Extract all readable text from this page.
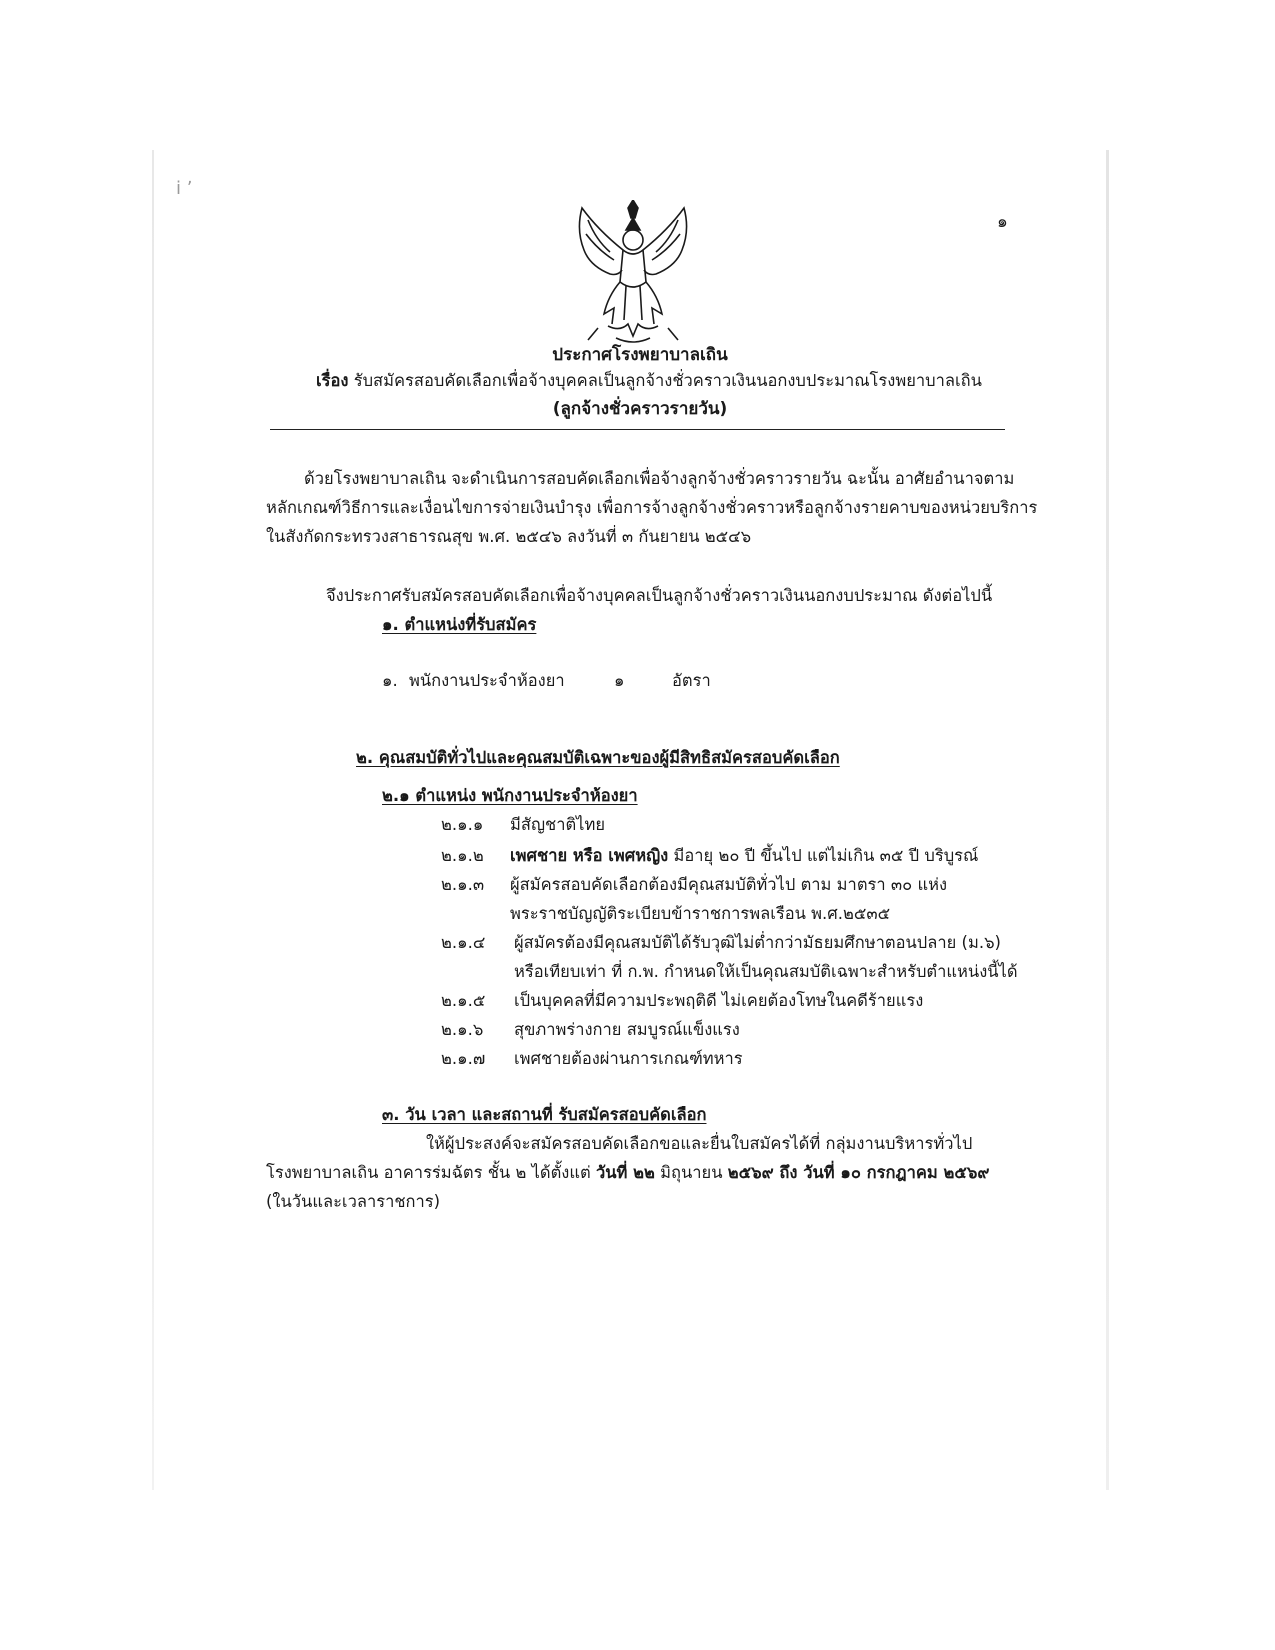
ⅰ ʼ
๑
ประกาศโรงพยาบาลเถิน
เรื่อง รับสมัครสอบคัดเลือกเพื่อจ้างบุคคลเป็นลูกจ้างชั่วคราวเงินนอกงบประมาณโรงพยาบาลเถิน
(ลูกจ้างชั่วคราวรายวัน)
ด้วยโรงพยาบาลเถิน จะดำเนินการสอบคัดเลือกเพื่อจ้างลูกจ้างชั่วคราวรายวัน ฉะนั้น อาศัยอำนาจตาม
หลักเกณฑ์วิธีการและเงื่อนไขการจ่ายเงินบำรุง เพื่อการจ้างลูกจ้างชั่วคราวหรือลูกจ้างรายคาบของหน่วยบริการ
ในสังกัดกระทรวงสาธารณสุข พ.ศ. ๒๕๔๖ ลงวันที่ ๓ กันยายน ๒๕๔๖
จึงประกาศรับสมัครสอบคัดเลือกเพื่อจ้างบุคคลเป็นลูกจ้างชั่วคราวเงินนอกงบประมาณ ดังต่อไปนี้
๑. ตำแหน่งที่รับสมัคร
๑. พนักงานประจำห้องยา	๑	อัตรา
๒. คุณสมบัติทั่วไปและคุณสมบัติเฉพาะของผู้มีสิทธิสมัครสอบคัดเลือก
๒.๑ ตำแหน่ง พนักงานประจำห้องยา
๒.๑.๑ มีสัญชาติไทย
๒.๑.๒ เพศชาย หรือ เพศหญิง มีอายุ ๒๐ ปี ขึ้นไป แต่ไม่เกิน ๓๕ ปี บริบูรณ์
๒.๑.๓ ผู้สมัครสอบคัดเลือกต้องมีคุณสมบัติทั่วไป ตาม มาตรา ๓๐ แห่ง
พระราชบัญญัติระเบียบข้าราชการพลเรือน พ.ศ.๒๕๓๕
๒.๑.๔ ผู้สมัครต้องมีคุณสมบัติได้รับวุฒิไม่ต่ำกว่ามัธยมศึกษาตอนปลาย (ม.๖)
หรือเทียบเท่า ที่ ก.พ. กำหนดให้เป็นคุณสมบัติเฉพาะสำหรับตำแหน่งนี้ได้
๒.๑.๕ เป็นบุคคลที่มีความประพฤติดี ไม่เคยต้องโทษในคดีร้ายแรง
๒.๑.๖ สุขภาพร่างกาย สมบูรณ์แข็งแรง
๒.๑.๗ เพศชายต้องผ่านการเกณฑ์ทหาร
๓. วัน เวลา และสถานที่ รับสมัครสอบคัดเลือก
ให้ผู้ประสงค์จะสมัครสอบคัดเลือกขอและยื่นใบสมัครได้ที่ กลุ่มงานบริหารทั่วไป
โรงพยาบาลเถิน อาคารร่มฉัตร ชั้น ๒ ได้ตั้งแต่ วันที่ ๒๒ มิถุนายน ๒๕๖๙ ถึง วันที่ ๑๐ กรกฎาคม ๒๕๖๙
(ในวันและเวลาราชการ)
